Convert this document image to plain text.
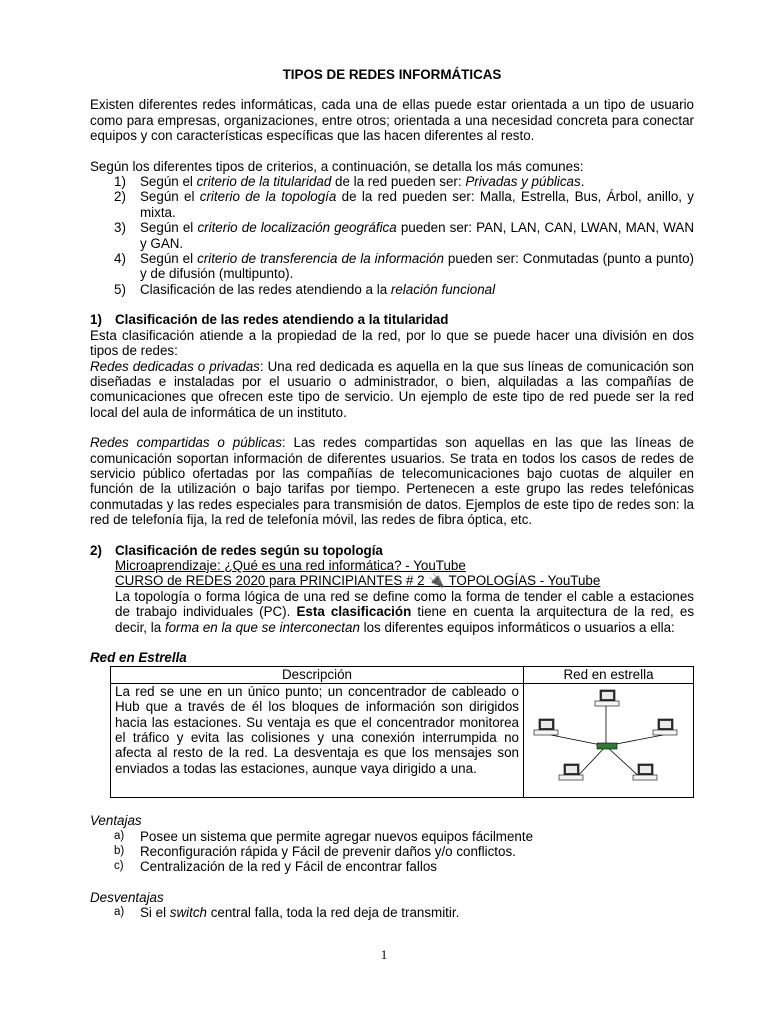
TIPOS DE REDES INFORMÁTICAS

Existen diferentes redes informáticas, cada una de ellas puede estar orientada a un tipo de usuario como para empresas, organizaciones, entre otros; orientada a una necesidad concreta para conectar equipos y con características específicas que las hacen diferentes al resto.

Según los diferentes tipos de criterios, a continuación, se detalla los más comunes:

1) Según el criterio de la titularidad de la red pueden ser: Privadas y públicas.
2) Según el criterio de la topología de la red pueden ser: Malla, Estrella, Bus, Árbol, anillo, y mixta.
3) Según el criterio de localización geográfica pueden ser: PAN, LAN, CAN, LWAN, MAN, WAN y GAN.
4) Según el criterio de transferencia de la información pueden ser: Conmutadas (punto a punto) y de difusión (multipunto).
5) Clasificación de las redes atendiendo a la relación funcional

1) Clasificación de las redes atendiendo a la titularidad

Esta clasificación atiende a la propiedad de la red, por lo que se puede hacer una división en dos tipos de redes:

Redes dedicadas o privadas: Una red dedicada es aquella en la que sus líneas de comunicación son diseñadas e instaladas por el usuario o administrador, o bien, alquiladas a las compañías de comunicaciones que ofrecen este tipo de servicio. Un ejemplo de este tipo de red puede ser la red local del aula de informática de un instituto.

Redes compartidas o públicas: Las redes compartidas son aquellas en las que las líneas de comunicación soportan información de diferentes usuarios. Se trata en todos los casos de redes de servicio público ofertadas por las compañías de telecomunicaciones bajo cuotas de alquiler en función de la utilización o bajo tarifas por tiempo. Pertenecen a este grupo las redes telefónicas conmutadas y las redes especiales para transmisión de datos. Ejemplos de este tipo de redes son: la red de telefonía fija, la red de telefonía móvil, las redes de fibra óptica, etc.

2) Clasificación de redes según su topología

Microaprendizaje: ¿Qué es una red informática? - YouTube

CURSO de REDES 2020 para PRINCIPIANTES # 2 🔌 TOPOLOGÍAS - YouTube

La topología o forma lógica de una red se define como la forma de tender el cable a estaciones de trabajo individuales (PC). Esta clasificación tiene en cuenta la arquitectura de la red, es decir, la forma en la que se interconectan los diferentes equipos informáticos o usuarios a ella:

Red en Estrella

Descripción	Red en estrella
La red se une en un único punto; un concentrador de cableado o Hub que a través de él los bloques de información son dirigidos hacia las estaciones. Su ventaja es que el concentrador monitorea el tráfico y evita las colisiones y una conexión interrumpida no afecta al resto de la red. La desventaja es que los mensajes son enviados a todas las estaciones, aunque vaya dirigido a una.	

Ventajas

a) Posee un sistema que permite agregar nuevos equipos fácilmente
b) Reconfiguración rápida y Fácil de prevenir daños y/o conflictos.
c) Centralización de la red y Fácil de encontrar fallos

Desventajas

a) Si el switch central falla, toda la red deja de transmitir.
1
